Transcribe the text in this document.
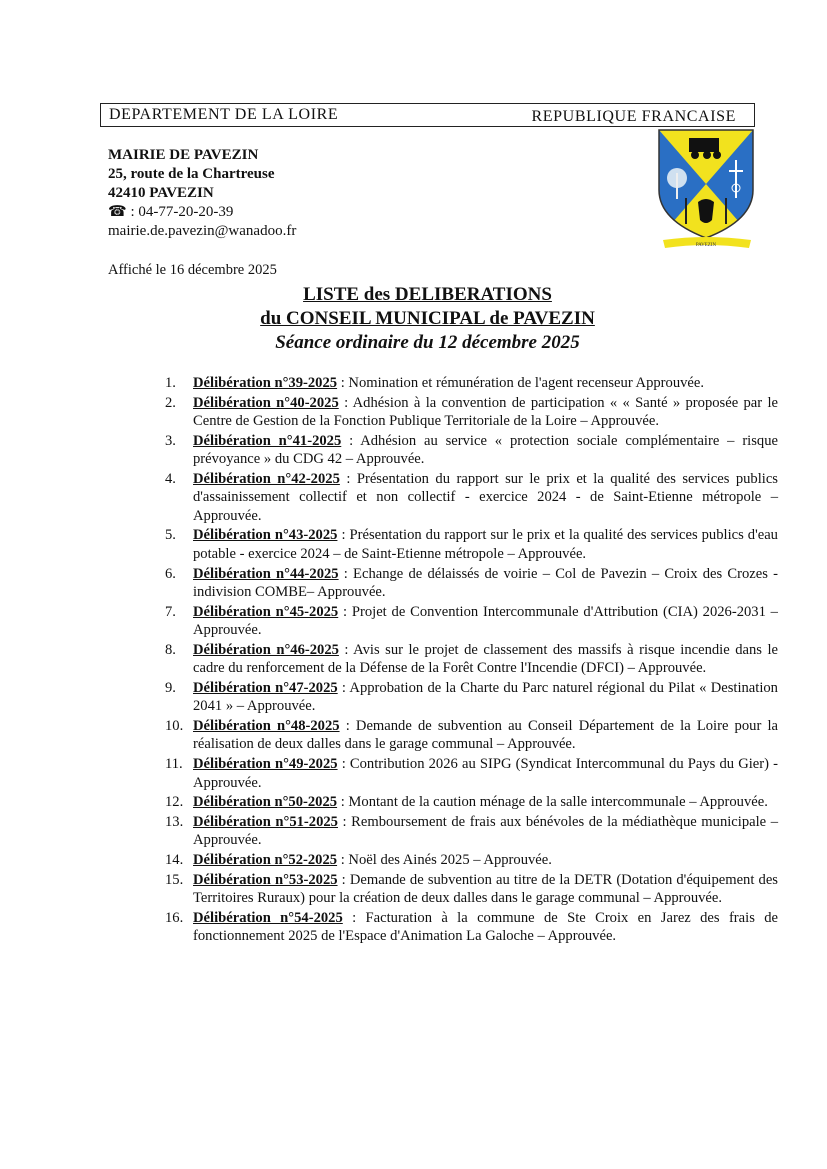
DEPARTEMENT DE LA LOIRE	REPUBLIQUE FRANCAISE
MAIRIE DE PAVEZIN
25, route de la Chartreuse
42410 PAVEZIN
☎ : 04-77-20-20-39
mairie.de.pavezin@wanadoo.fr
PAVEZIN
Affiché le 16 décembre 2025
LISTE des DELIBERATIONS
du CONSEIL MUNICIPAL de PAVEZIN
Séance ordinaire du 12 décembre 2025
1. Délibération n°39-2025 : Nomination et rémunération de l'agent recenseur Approuvée.
2. Délibération n°40-2025 : Adhésion à la convention de participation « « Santé » proposée par le Centre de Gestion de la Fonction Publique Territoriale de la Loire – Approuvée.
3. Délibération n°41-2025 : Adhésion au service « protection sociale complémentaire – risque prévoyance » du CDG 42 – Approuvée.
4. Délibération n°42-2025 : Présentation du rapport sur le prix et la qualité des services publics d'assainissement collectif et non collectif - exercice 2024 - de Saint-Etienne métropole – Approuvée.
5. Délibération n°43-2025 : Présentation du rapport sur le prix et la qualité des services publics d'eau potable - exercice 2024 – de Saint-Etienne métropole – Approuvée.
6. Délibération n°44-2025 : Echange de délaissés de voirie – Col de Pavezin – Croix des Crozes - indivision COMBE– Approuvée.
7. Délibération n°45-2025 : Projet de Convention Intercommunale d'Attribution (CIA) 2026-2031 – Approuvée.
8. Délibération n°46-2025 : Avis sur le projet de classement des massifs à risque incendie dans le cadre du renforcement de la Défense de la Forêt Contre l'Incendie (DFCI) – Approuvée.
9. Délibération n°47-2025 : Approbation de la Charte du Parc naturel régional du Pilat « Destination 2041 » – Approuvée.
10. Délibération n°48-2025 : Demande de subvention au Conseil Département de la Loire pour la réalisation de deux dalles dans le garage communal – Approuvée.
11. Délibération n°49-2025 : Contribution 2026 au SIPG (Syndicat Intercommunal du Pays du Gier) - Approuvée.
12. Délibération n°50-2025 : Montant de la caution ménage de la salle intercommunale – Approuvée.
13. Délibération n°51-2025 : Remboursement de frais aux bénévoles de la médiathèque municipale – Approuvée.
14. Délibération n°52-2025 : Noël des Ainés 2025 – Approuvée.
15. Délibération n°53-2025 : Demande de subvention au titre de la DETR (Dotation d'équipement des Territoires Ruraux) pour la création de deux dalles dans le garage communal – Approuvée.
16. Délibération n°54-2025 : Facturation à la commune de Ste Croix en Jarez des frais de fonctionnement 2025 de l'Espace d'Animation La Galoche – Approuvée.
